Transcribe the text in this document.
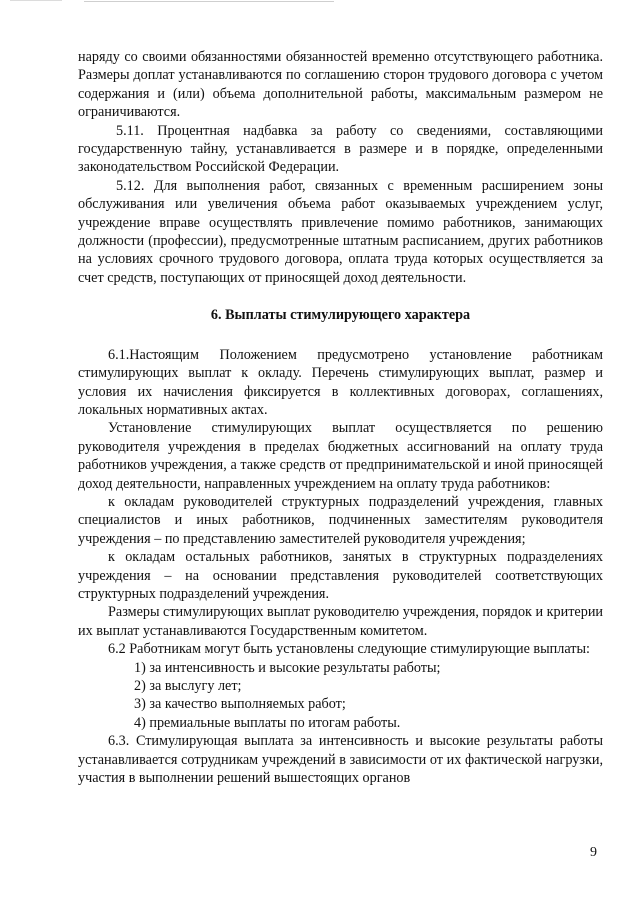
наряду со своими обязанностями обязанностей временно отсутствующего работника. Размеры доплат устанавливаются по соглашению сторон трудового договора с учетом содержания и (или) объема дополнительной работы, максимальным размером не ограничиваются.

5.11. Процентная надбавка за работу со сведениями, составляющими государственную тайну, устанавливается в размере и в порядке, определенными законодательством Российской Федерации.

5.12. Для выполнения работ, связанных с временным расширением зоны обслуживания или увеличения объема работ оказываемых учреждением услуг, учреждение вправе осуществлять привлечение помимо работников, занимающих должности (профессии), предусмотренные штатным расписанием, других работников на условиях срочного трудового договора, оплата труда которых осуществляется за счет средств, поступающих от приносящей доход деятельности.

6. Выплаты стимулирующего характера

6.1.Настоящим Положением предусмотрено установление работникам стимулирующих выплат к окладу. Перечень стимулирующих выплат, размер и условия их начисления фиксируется в коллективных договорах, соглашениях, локальных нормативных актах.

Установление стимулирующих выплат осуществляется по решению руководителя учреждения в пределах бюджетных ассигнований на оплату труда работников учреждения, а также средств от предпринимательской и иной приносящей доход деятельности, направленных учреждением на оплату труда работников:

к окладам руководителей структурных подразделений учреждения, главных специалистов и иных работников, подчиненных заместителям руководителя учреждения – по представлению заместителей руководителя учреждения;

к окладам остальных работников, занятых в структурных подразделениях учреждения – на основании представления руководителей соответствующих структурных подразделений учреждения.

Размеры стимулирующих выплат руководителю учреждения, порядок и критерии их выплат устанавливаются Государственным комитетом.

6.2 Работникам могут быть установлены следующие стимулирующие выплаты:

1) за интенсивность и высокие результаты работы;

2) за выслугу лет;

3) за качество выполняемых работ;

4) премиальные выплаты по итогам работы.

6.3. Стимулирующая выплата за интенсивность и высокие результаты работы устанавливается сотрудникам учреждений в зависимости от их фактической нагрузки, участия в выполнении решений вышестоящих органов

9
